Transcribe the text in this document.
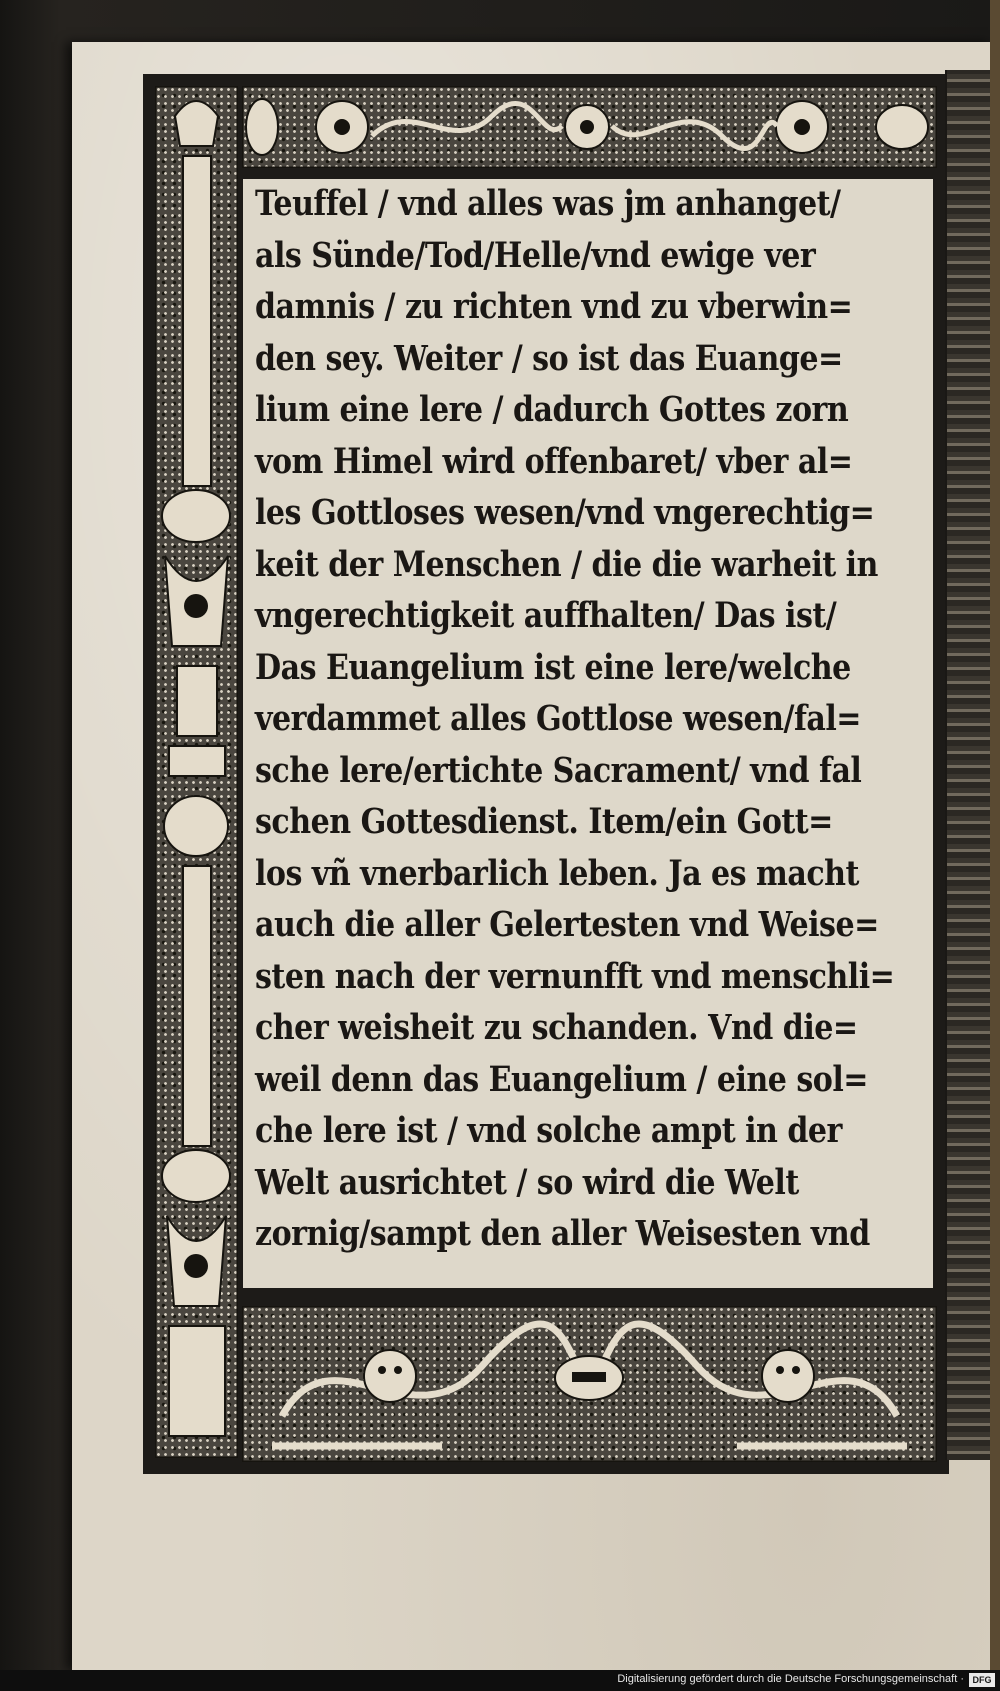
Teuffel / vnd alles was jm anhanget/
als Sünde/Tod/Helle/vnd ewige ver
damnis / zu richten vnd zu vberwin=
den sey. Weiter / so ist das Euange=
lium eine lere / dadurch Gottes zorn
vom Himel wird offenbaret/ vber al=
les Gottloses wesen/vnd vngerechtig=
keit der Menschen / die die warheit in
vngerechtigkeit auffhalten/ Das ist/
Das Euangelium ist eine lere/welche
verdammet alles Gottlose wesen/fal=
sche lere/ertichte Sacrament/ vnd fal
schen Gottesdienst. Item/ein Gott=
los vñ vnerbarlich leben. Ja es macht
auch die aller Gelertesten vnd Weise=
sten nach der vernunfft vnd menschli=
cher weisheit zu schanden. Vnd die=
weil denn das Euangelium / eine sol=
che lere ist / vnd solche ampt in der
Welt ausrichtet / so wird die Welt
zornig/sampt den aller Weisesten vnd
Digitalisierung gefördert durch die Deutsche Forschungsgemeinschaft · DFG
